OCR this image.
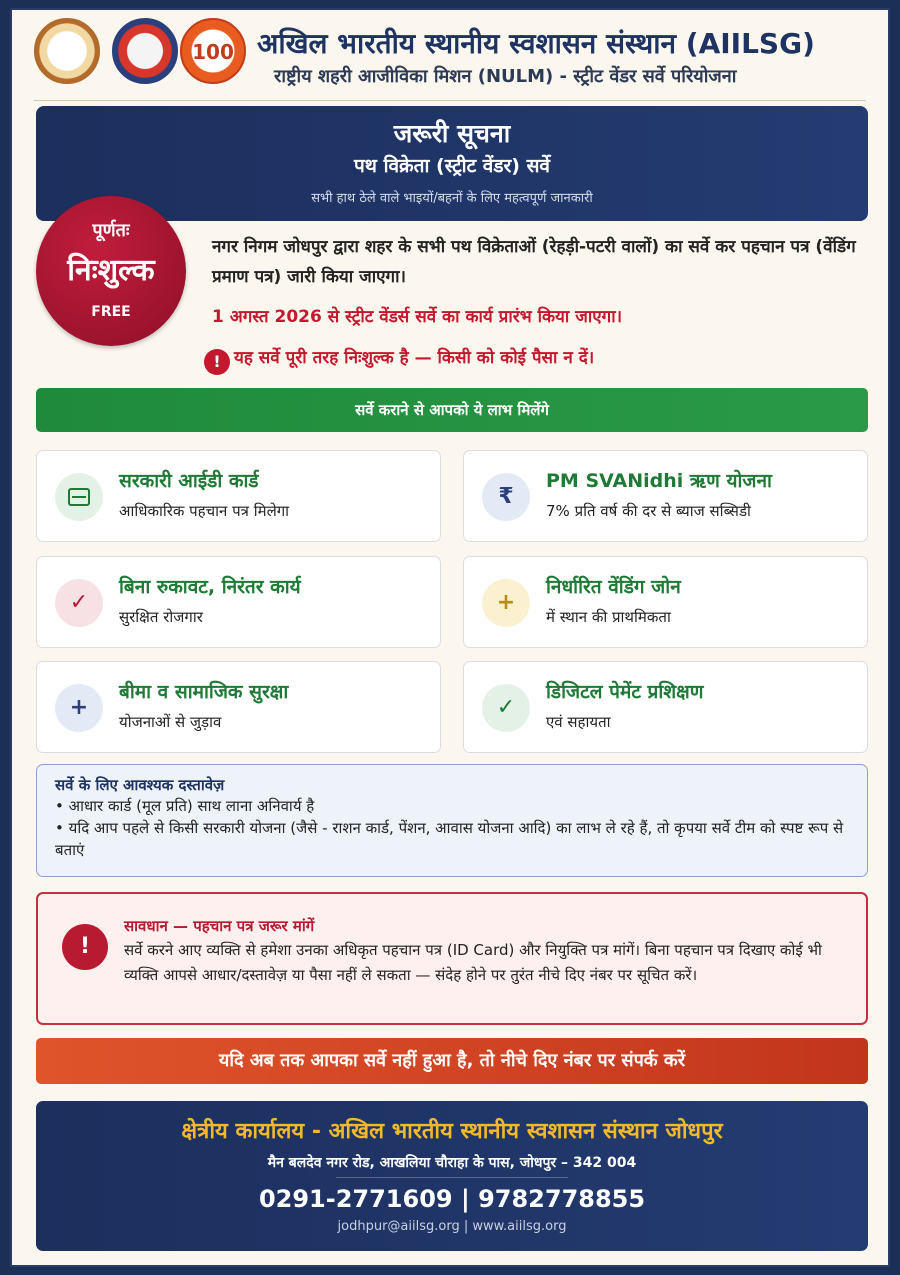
100 अखिल भारतीय स्थानीय स्वशासन संस्थान (AIILSG)
राष्ट्रीय शहरी आजीविका मिशन (NULM) - स्ट्रीट वेंडर सर्वे परियोजना
जरूरी सूचना
पथ विक्रेता (स्ट्रीट वेंडर) सर्वे
सभी हाथ ठेले वाले भाइयों/बहनों के लिए महत्वपूर्ण जानकारी
पूर्णतः
निःशुल्क
FREE
नगर निगम जोधपुर द्वारा शहर के सभी पथ विक्रेताओं (रेहड़ी-पटरी वालों) का सर्वे कर पहचान पत्र (वेंडिंग प्रमाण पत्र) जारी किया जाएगा।
1 अगस्त 2026 से स्ट्रीट वेंडर्स सर्वे का कार्य प्रारंभ किया जाएगा।
! यह सर्वे पूरी तरह निःशुल्क है — किसी को कोई पैसा न दें।
सर्वे कराने से आपको ये लाभ मिलेंगे
सरकारी आईडी कार्ड
आधिकारिक पहचान पत्र मिलेगा
₹
PM SVANidhi ऋण योजना
7% प्रति वर्ष की दर से ब्याज सब्सिडी
✓
बिना रुकावट, निरंतर कार्य
सुरक्षित रोजगार
+
निर्धारित वेंडिंग जोन
में स्थान की प्राथमिकता
+
बीमा व सामाजिक सुरक्षा
योजनाओं से जुड़ाव
✓
डिजिटल पेमेंट प्रशिक्षण
एवं सहायता
सर्वे के लिए आवश्यक दस्तावेज़
• आधार कार्ड (मूल प्रति) साथ लाना अनिवार्य है
• यदि आप पहले से किसी सरकारी योजना (जैसे - राशन कार्ड, पेंशन, आवास योजना आदि) का लाभ ले रहे हैं, तो कृपया सर्वे टीम को स्पष्ट रूप से बताएं
!
सावधान — पहचान पत्र जरूर मांगें
सर्वे करने आए व्यक्ति से हमेशा उनका अधिकृत पहचान पत्र (ID Card) और नियुक्ति पत्र मांगें। बिना पहचान पत्र दिखाए कोई भी व्यक्ति आपसे आधार/दस्तावेज़ या पैसा नहीं ले सकता — संदेह होने पर तुरंत नीचे दिए नंबर पर सूचित करें।
यदि अब तक आपका सर्वे नहीं हुआ है, तो नीचे दिए नंबर पर संपर्क करें
क्षेत्रीय कार्यालय - अखिल भारतीय स्थानीय स्वशासन संस्थान जोधपुर
मैन बलदेव नगर रोड, आखलिया चौराहा के पास, जोधपुर – 342 004
0291-2771609 | 9782778855
jodhpur@aiilsg.org | www.aiilsg.org
